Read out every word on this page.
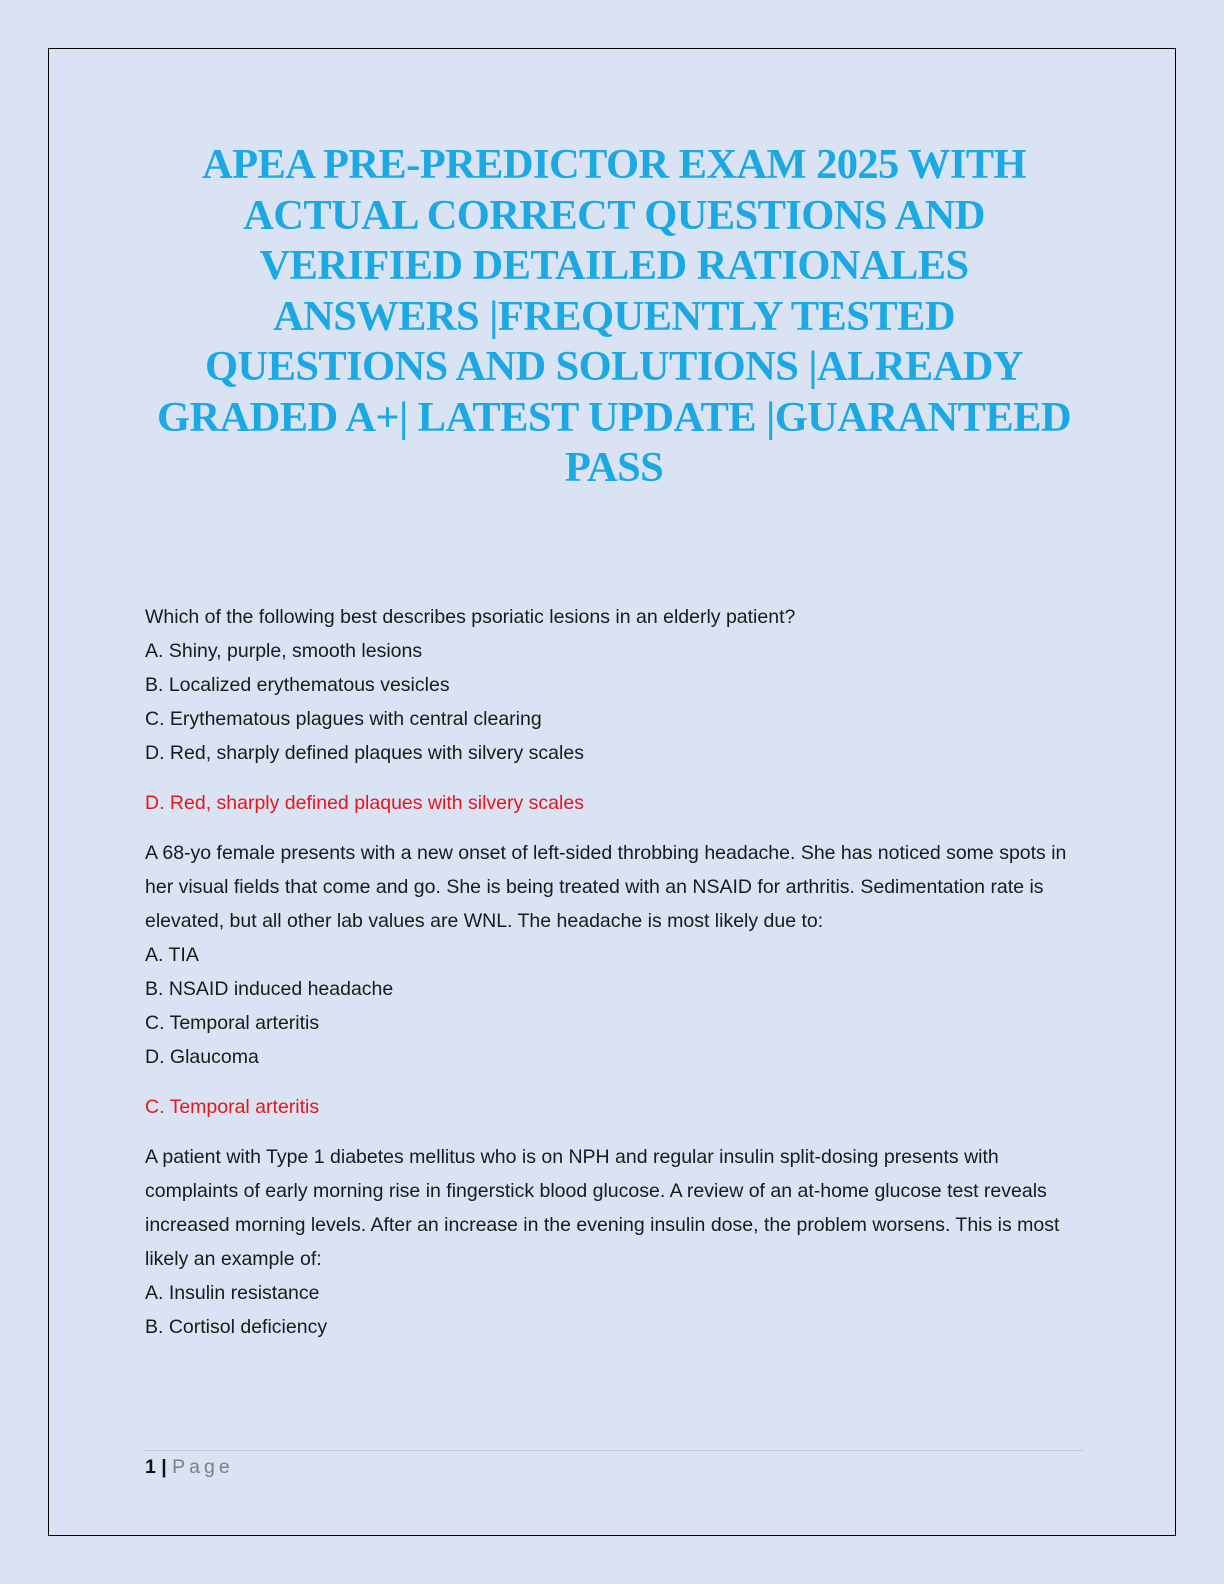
APEA PRE-PREDICTOR EXAM 2025 WITH
ACTUAL CORRECT QUESTIONS AND
VERIFIED DETAILED RATIONALES
ANSWERS |FREQUENTLY TESTED
QUESTIONS AND SOLUTIONS |ALREADY
GRADED A+| LATEST UPDATE |GUARANTEED
PASS

Which of the following best describes psoriatic lesions in an elderly patient?

A. Shiny, purple, smooth lesions
B. Localized erythematous vesicles
C. Erythematous plagues with central clearing
D. Red, sharply defined plaques with silvery scales

D. Red, sharply defined plaques with silvery scales

A 68-yo female presents with a new onset of left-sided throbbing headache. She has noticed some spots in her visual fields that come and go. She is being treated with an NSAID for arthritis. Sedimentation rate is elevated, but all other lab values are WNL. The headache is most likely due to:

A. TIA
B. NSAID induced headache
C. Temporal arteritis
D. Glaucoma

C. Temporal arteritis

A patient with Type 1 diabetes mellitus who is on NPH and regular insulin split-dosing presents with complaints of early morning rise in fingerstick blood glucose. A review of an at-home glucose test reveals increased morning levels. After an increase in the evening insulin dose, the problem worsens. This is most likely an example of:

A. Insulin resistance
B. Cortisol deficiency
1 | Page
